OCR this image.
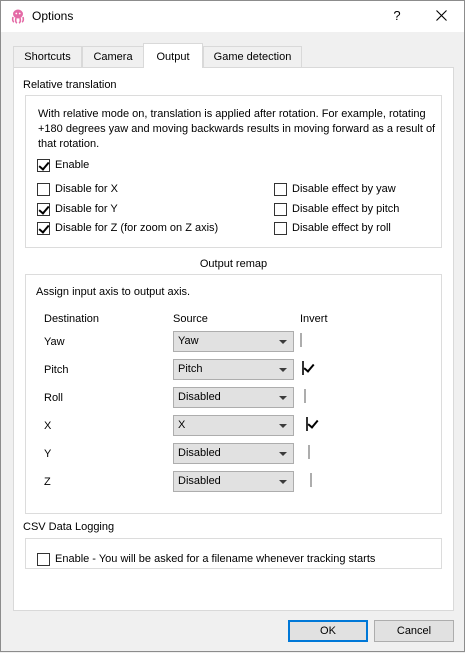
Options	?
Shortcuts	Camera	Output	Game detection
Relative translation
With relative mode on, translation is applied after rotation. For example, rotating +180 degrees yaw and moving backwards results in moving forward as a result of that rotation.
Enable
Disable for X
Disable for Y
Disable for Z (for zoom on Z axis)
Disable effect by yaw
Disable effect by pitch
Disable effect by roll
Output remap
Assign input axis to output axis.
Destination	Source	Invert
Yaw	Yaw
Pitch	Pitch
Roll	Disabled
X	X
Y	Disabled
Z	Disabled
CSV Data Logging
Enable - You will be asked for a filename whenever tracking starts
OK	Cancel
